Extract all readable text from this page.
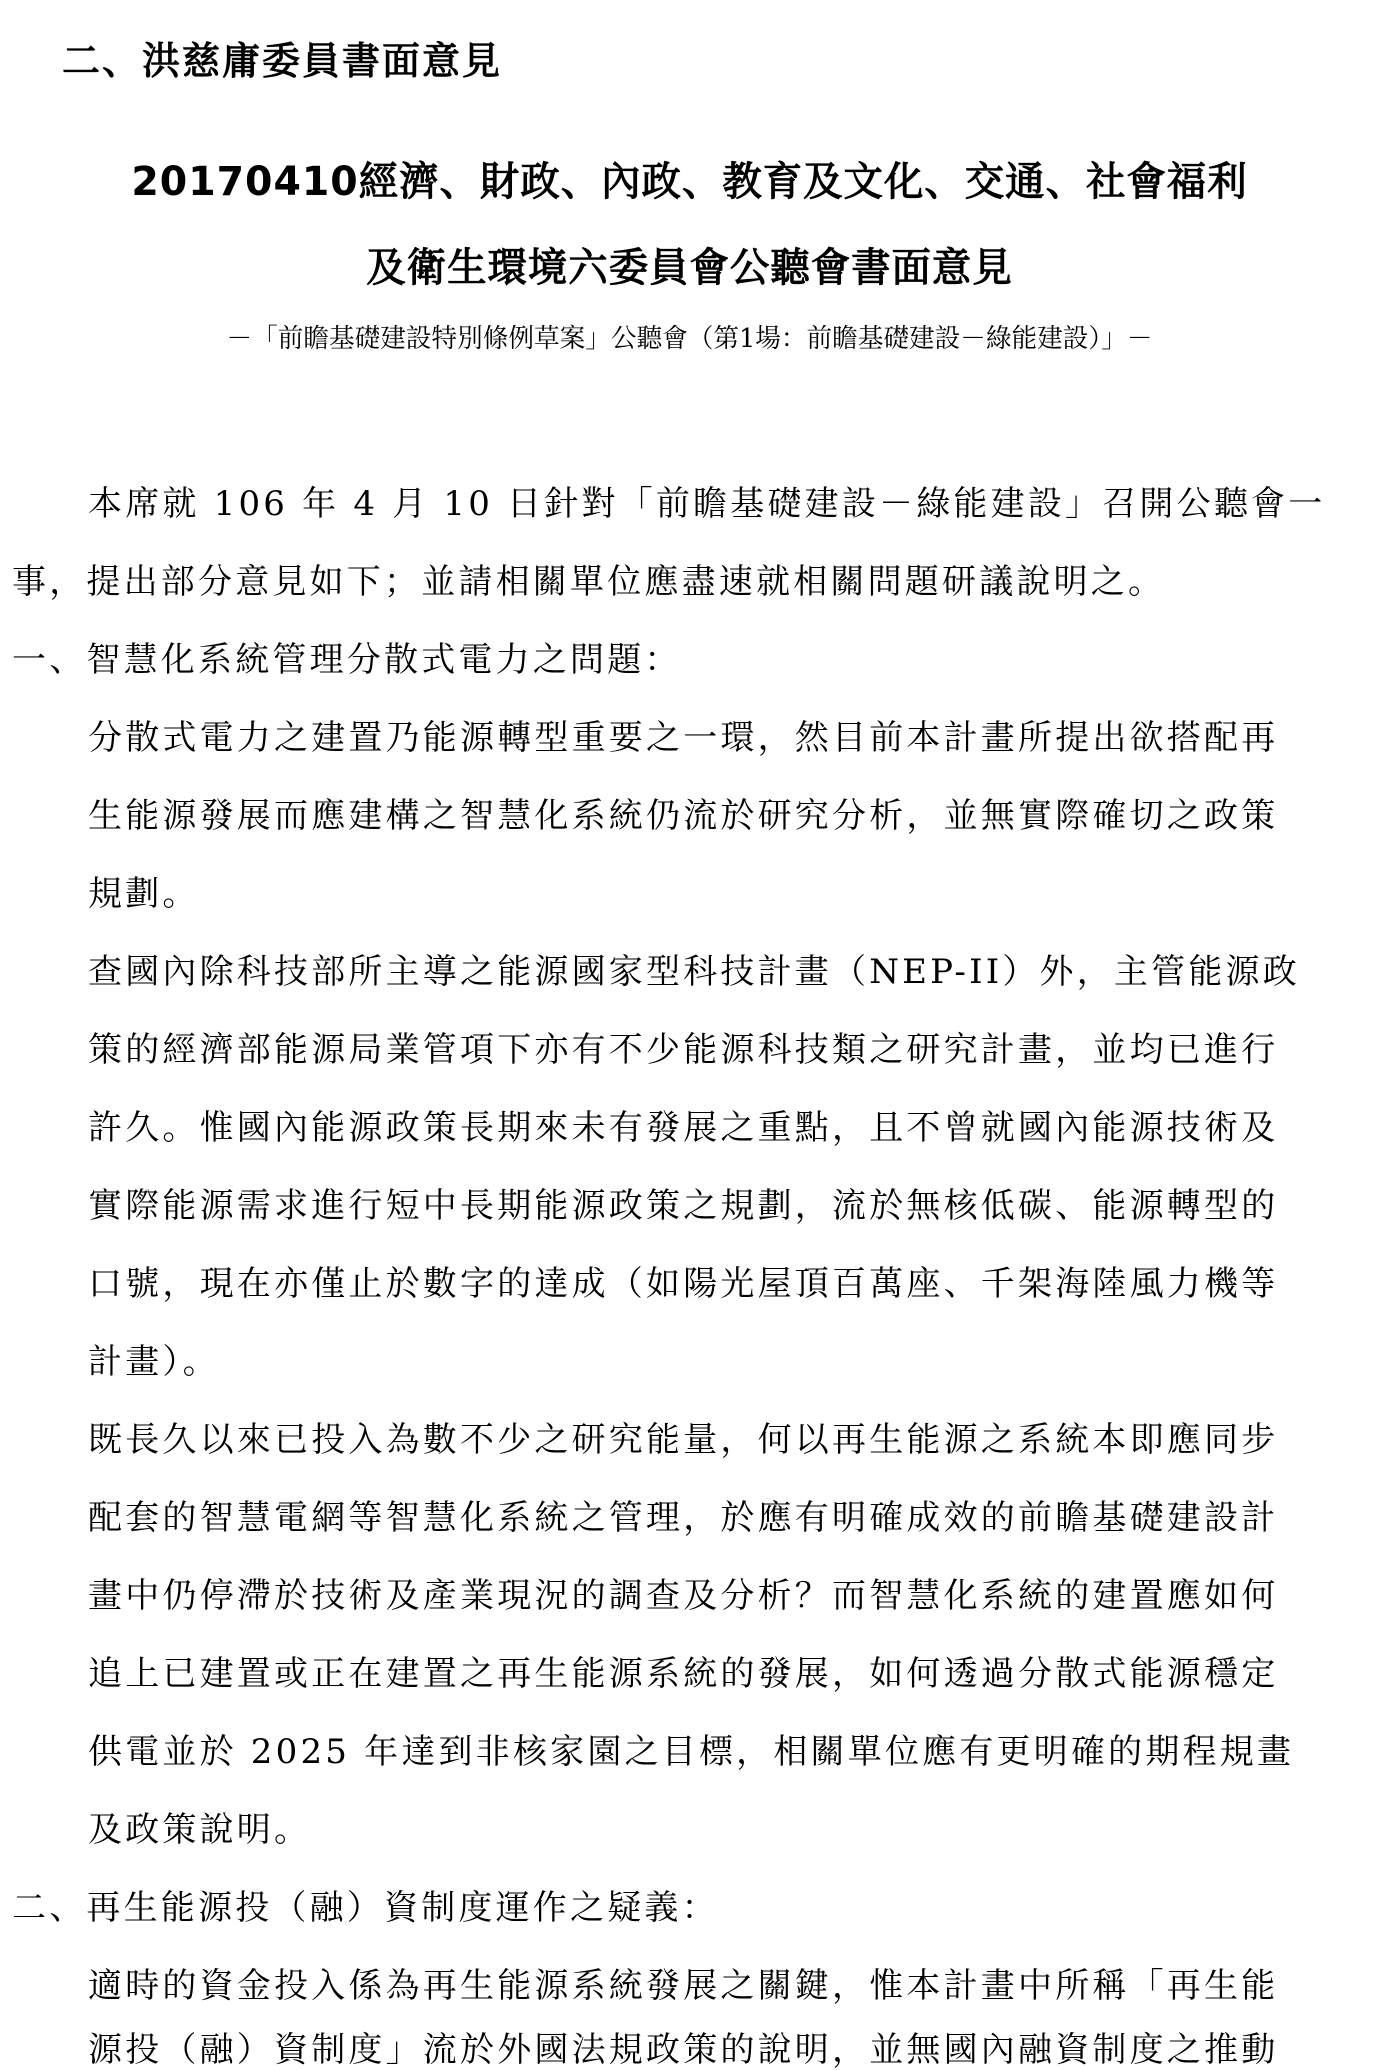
二、洪慈庸委員書面意見
20170410經濟、財政、內政、教育及文化、交通、社會福利
及衛生環境六委員會公聽會書面意見
－「前瞻基礎建設特別條例草案」公聽會（第1場：前瞻基礎建設－綠能建設）」－
本席就 106 年 4 月 10 日針對「前瞻基礎建設－綠能建設」召開公聽會一
事，提出部分意見如下；並請相關單位應盡速就相關問題研議說明之。
一、智慧化系統管理分散式電力之問題：
分散式電力之建置乃能源轉型重要之一環，然目前本計畫所提出欲搭配再
生能源發展而應建構之智慧化系統仍流於研究分析，並無實際確切之政策
規劃。
查國內除科技部所主導之能源國家型科技計畫（NEP-II）外，主管能源政
策的經濟部能源局業管項下亦有不少能源科技類之研究計畫，並均已進行
許久。惟國內能源政策長期來未有發展之重點，且不曾就國內能源技術及
實際能源需求進行短中長期能源政策之規劃，流於無核低碳、能源轉型的
口號，現在亦僅止於數字的達成（如陽光屋頂百萬座、千架海陸風力機等
計畫）。
既長久以來已投入為數不少之研究能量，何以再生能源之系統本即應同步
配套的智慧電網等智慧化系統之管理，於應有明確成效的前瞻基礎建設計
畫中仍停滯於技術及產業現況的調查及分析？而智慧化系統的建置應如何
追上已建置或正在建置之再生能源系統的發展，如何透過分散式能源穩定
供電並於 2025 年達到非核家園之目標，相關單位應有更明確的期程規畫
及政策說明。
二、再生能源投（融）資制度運作之疑義：
適時的資金投入係為再生能源系統發展之關鍵，惟本計畫中所稱「再生能
源投（融）資制度」流於外國法規政策的說明，並無國內融資制度之推動
